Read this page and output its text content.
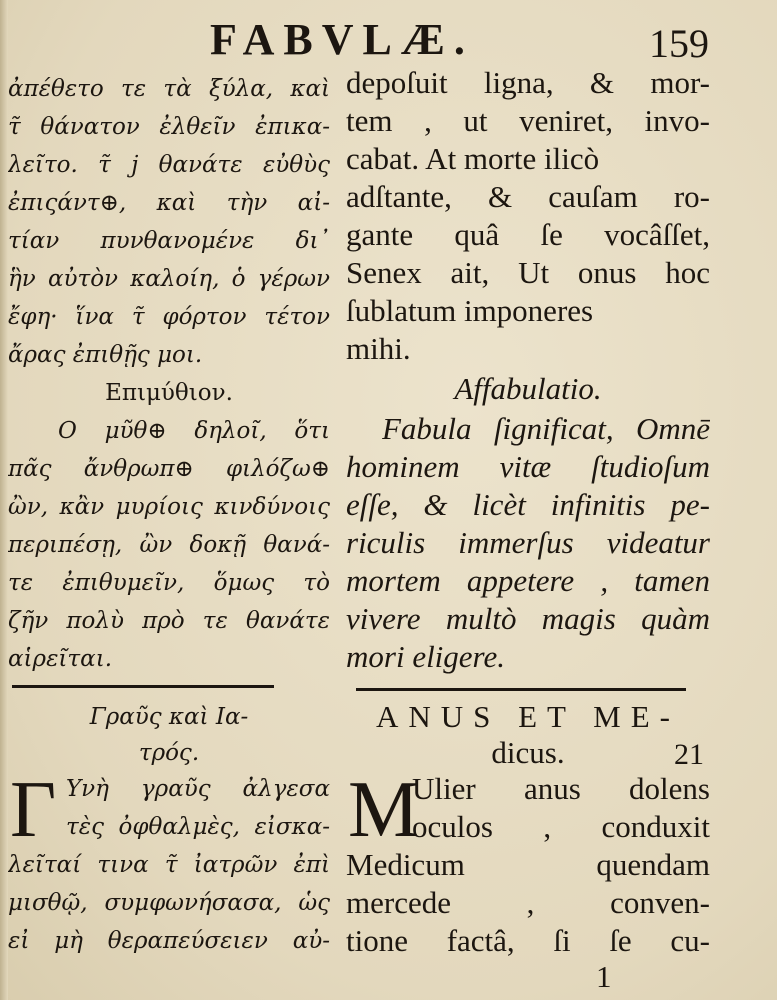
FABVLÆ.	159
ἀπέθετο τε τὰ ξύλα, καὶ
τ̃ θάνατον ἐλθεῖν ἐπικα-
λεῖτο. τ̃ ϳ θανάτε εὐθὺς
ἐπιςάντ⊕, καὶ τὴν αἰ-
τίαν πυνθανομένε δι᾽
ἣν αὐτὸν καλοίη, ὁ γέρων
ἔφη· ἵνα τ̃ φόρτον τέτον
ἄρας ἐπιθῇς μοι.
Επιμύθιον.
Ο μῦθ⊕ δηλοῖ, ὅτι
πᾶς ἄνθρωπ⊕ φιλόζω⊕
ὢν, κἂν μυρίοις κινδύνοις
περιπέσῃ, ὢν δοκῇ θανά-
τε ἐπιθυμεῖν, ὅμως τὸ
ζῆν πολὺ πρὸ τε θανάτε
αἱρεῖται.
Γραῦς καὶ Ια-
τρός.
Γ Υνὴ γραῦς ἀλγεσα
τὲς ὀφθαλμὲς, εἰσκα-
λεῖταί τινα τ̃ ἰατρῶν ἐπὶ
μισθῷ, συμφωνήσασα, ὡς
εἰ μὴ θεραπεύσειεν αὐ-
depoſuit ligna, & mor-
tem , ut veniret, invo-
cabat. At morte ilicò
adſtante, & cauſam ro-
gante quâ ſe vocâſſet,
Senex ait, Ut onus hoc
ſublatum imponeres
mihi.
Affabulatio.
Fabula ſignificat, Omnē
hominem vitæ ſtudioſum
eſſe, & licèt infinitis pe-
riculis immerſus videatur
mortem appetere , tamen
vivere multò magis quàm
mori eligere.
ANUS ET ME-
dicus.	21
M
Ulier anus dolens
oculos , conduxit
Medicum quendam
mercede , conven-
tione factâ, ſi ſe cu-
1
